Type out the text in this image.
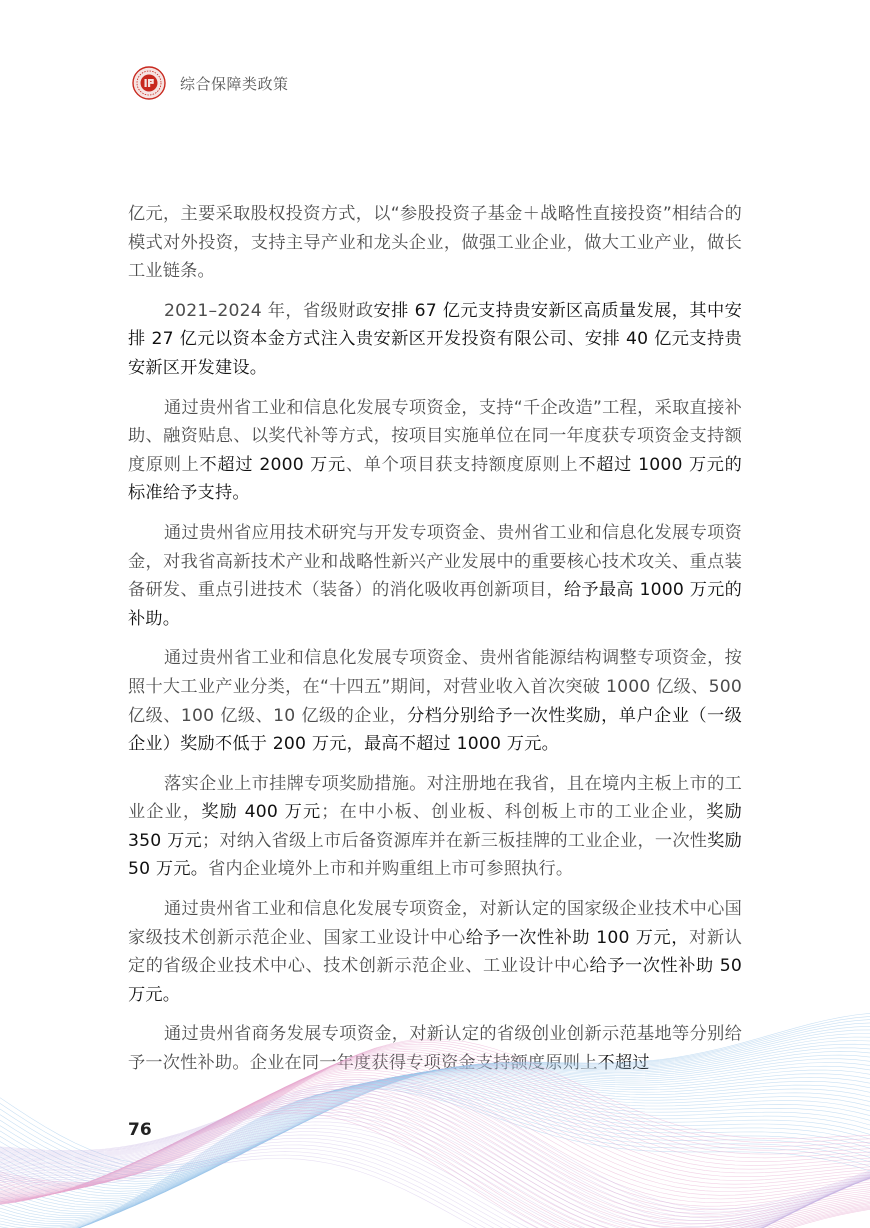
综合保障类政策

亿元，主要采取股权投资方式，以“参股投资子基金＋战略性直接投资”相结合的模式对外投资，支持主导产业和龙头企业，做强工业企业，做大工业产业，做长工业链条。

2021–2024 年，省级财政安排 67 亿元支持贵安新区高质量发展，其中安排 27 亿元以资本金方式注入贵安新区开发投资有限公司、安排 40 亿元支持贵安新区开发建设。

通过贵州省工业和信息化发展专项资金，支持“千企改造”工程，采取直接补助、融资贴息、以奖代补等方式，按项目实施单位在同一年度获专项资金支持额度原则上不超过 2000 万元、单个项目获支持额度原则上不超过 1000 万元的标准给予支持。

通过贵州省应用技术研究与开发专项资金、贵州省工业和信息化发展专项资金，对我省高新技术产业和战略性新兴产业发展中的重要核心技术攻关、重点装备研发、重点引进技术（装备）的消化吸收再创新项目，给予最高 1000 万元的补助。

通过贵州省工业和信息化发展专项资金、贵州省能源结构调整专项资金，按照十大工业产业分类，在“十四五”期间，对营业收入首次突破 1000 亿级、500 亿级、100 亿级、10 亿级的企业，分档分别给予一次性奖励，单户企业（一级企业）奖励不低于 200 万元，最高不超过 1000 万元。

落实企业上市挂牌专项奖励措施。对注册地在我省，且在境内主板上市的工业企业，奖励 400 万元；在中小板、创业板、科创板上市的工业企业，奖励 350 万元；对纳入省级上市后备资源库并在新三板挂牌的工业企业，一次性奖励 50 万元。省内企业境外上市和并购重组上市可参照执行。

通过贵州省工业和信息化发展专项资金，对新认定的国家级企业技术中心国家级技术创新示范企业、国家工业设计中心给予一次性补助 100 万元，对新认定的省级企业技术中心、技术创新示范企业、工业设计中心给予一次性补助 50 万元。

通过贵州省商务发展专项资金，对新认定的省级创业创新示范基地等分别给予一次性补助。企业在同一年度获得专项资金支持额度原则上不超过

76
